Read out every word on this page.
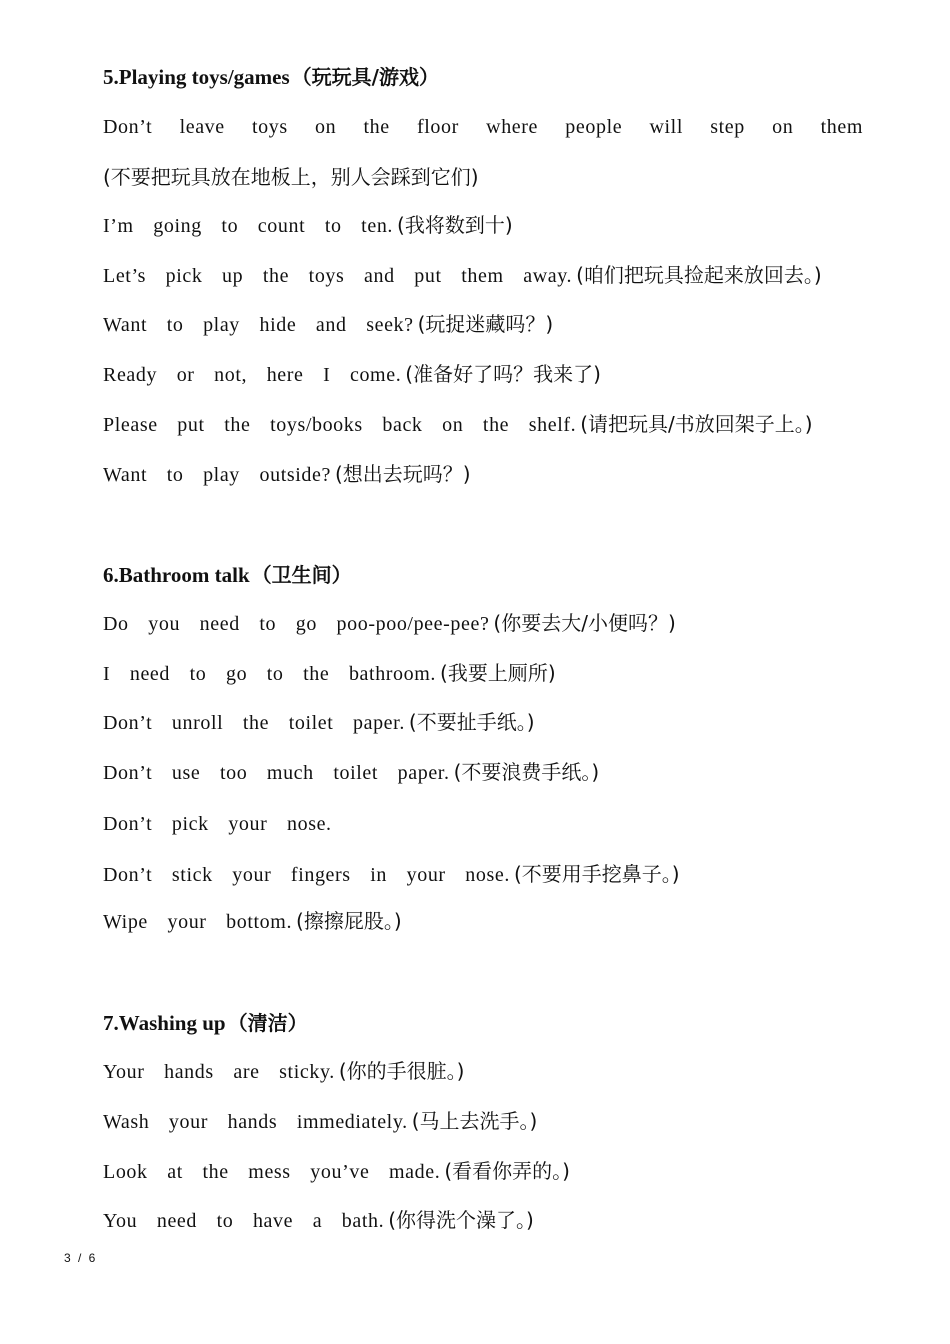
5.Playing toys/games （玩玩具/游戏）
Don’t leave toys on the floor where people will step on them
(不要把玩具放在地板上，别人会踩到它们)
I’m going to count to ten. (我将数到十)
Let’s pick up the toys and put them away. (咱们把玩具捡起来放回去。)
Want to play hide and seek? (玩捉迷藏吗？)
Ready or not, here I come. (准备好了吗？我来了)
Please put the toys/books back on the shelf. (请把玩具/书放回架子上。)
Want to play outside? (想出去玩吗？)
6.Bathroom talk （卫生间）
Do you need to go poo-poo/pee-pee? (你要去大/小便吗？)
I need to go to the bathroom. (我要上厕所)
Don’t unroll the toilet paper. (不要扯手纸。)
Don’t use too much toilet paper. (不要浪费手纸。)
Don’t pick your nose.
Don’t stick your fingers in your nose. (不要用手挖鼻子。)
Wipe your bottom. (擦擦屁股。)
7.Washing up （清洁）
Your hands are sticky. (你的手很脏。)
Wash your hands immediately. (马上去洗手。)
Look at the mess you’ve made. (看看你弄的。)
You need to have a bath. (你得洗个澡了。)
3 / 6
